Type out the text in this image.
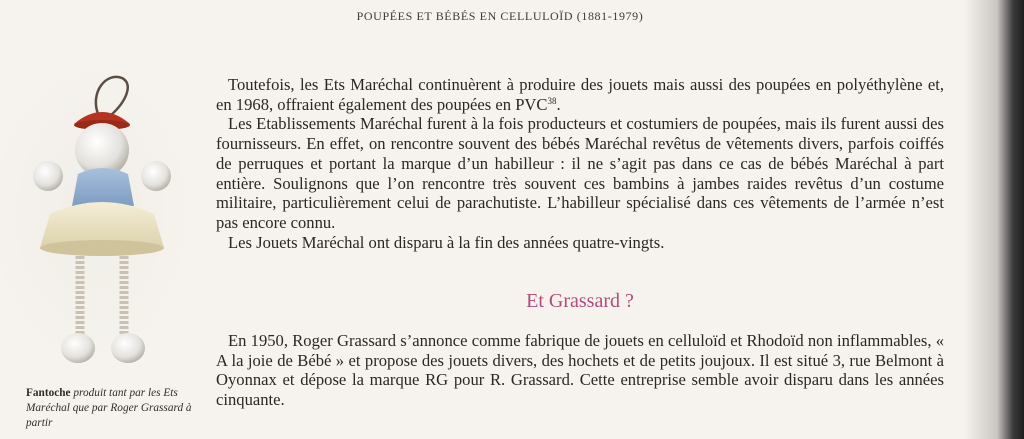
POUPÉES ET BÉBÉS EN CELLULOÏD (1881-1979)

Toutefois, les Ets Maréchal continuèrent à produire des jouets mais aussi des poupées en polyéthylène et, en 1968, offraient également des poupées en PVC$^{38}$.

Les Etablissements Maréchal furent à la fois producteurs et costumiers de poupées, mais ils furent aussi des fournisseurs. En effet, on rencontre souvent des bébés Maréchal revêtus de vêtements divers, parfois coiffés de perruques et portant la marque d’un habilleur : il ne s’agit pas dans ce cas de bébés Maréchal à part entière. Soulignons que l’on rencontre très souvent ces bambins à jambes raides revêtus d’un costume militaire, particulièrement celui de parachutiste. L’habilleur spécialisé dans ces vêtements de l’armée n’est pas encore connu.

Les Jouets Maréchal ont disparu à la fin des années quatre-vingts.

Et Grassard ?

En 1950, Roger Grassard s’annonce comme fabrique de jouets en celluloïd et Rhodoïd non inflammables, « A la joie de Bébé » et propose des jouets divers, des hochets et de petits joujoux. Il est situé 3, rue Belmont à Oyonnax et dépose la marque RG pour R. Grassard. Cette entreprise semble avoir disparu dans les années cinquante.

Fantoche produit tant par les Ets Maréchal que par Roger Grassard à partir
